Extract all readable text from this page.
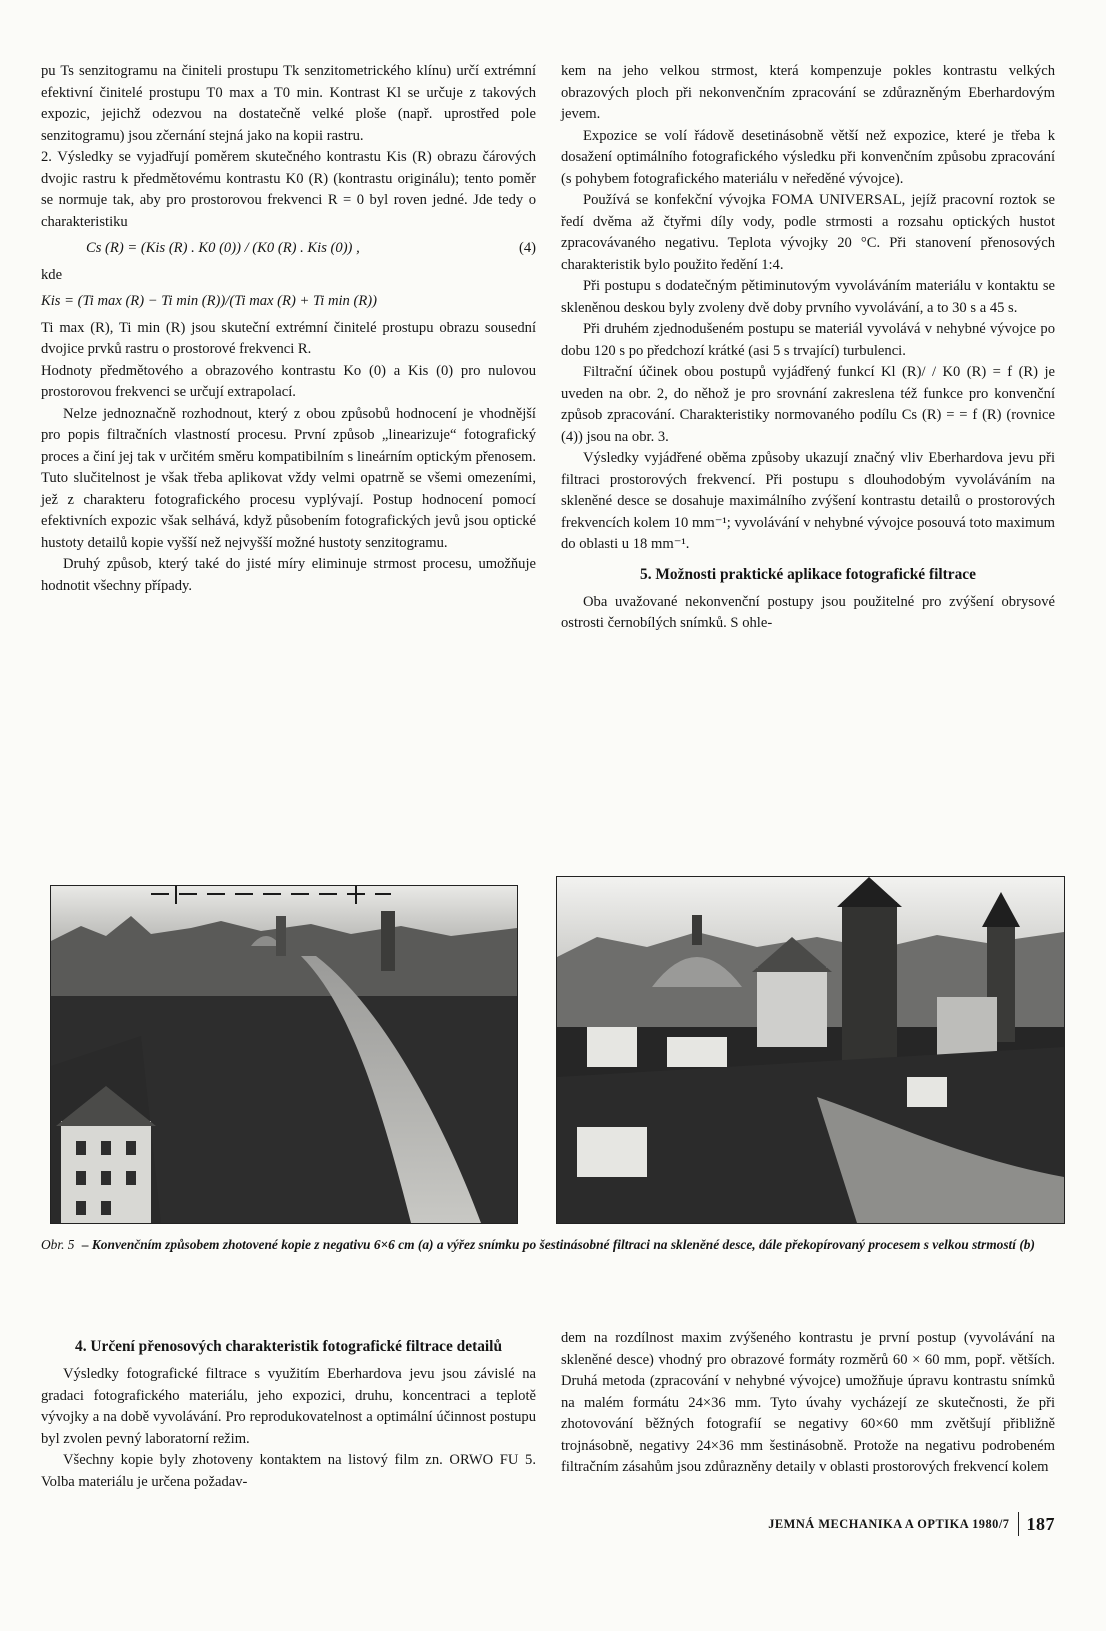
pu Ts senzitogramu na činiteli prostupu Tk senzitometrického klínu) určí extrémní efektivní činitelé prostupu T0 max a T0 min. Kontrast Kl se určuje z takových expozic, jejichž odezvou na dostatečně velké ploše (např. uprostřed pole senzitogramu) jsou zčernání stejná jako na kopii rastru.

2. Výsledky se vyjadřují poměrem skutečného kontrastu Kis (R) obrazu čárových dvojic rastru k předmětovému kontrastu K0 (R) (kontrastu originálu); tento poměr se normuje tak, aby pro prostorovou frekvenci R = 0 byl roven jedné. Jde tedy o charakteristiku

Cs (R) = (Kis (R) . K0 (0)) / (K0 (R) . Kis (0)) ,	(4)

kde

Kis = (Ti max (R) − Ti min (R))/(Ti max (R) + Ti min (R))

Ti max (R), Ti min (R) jsou skuteční extrémní činitelé prostupu obrazu sousední dvojice prvků rastru o prostorové frekvenci R.

Hodnoty předmětového a obrazového kontrastu Ko (0) a Kis (0) pro nulovou prostorovou frekvenci se určují extrapolací.

Nelze jednoznačně rozhodnout, který z obou způsobů hodnocení je vhodnější pro popis filtračních vlastností procesu. První způsob „linearizuje“ fotografický proces a činí jej tak v určitém směru kompatibilním s lineárním optickým přenosem. Tuto slučitelnost je však třeba aplikovat vždy velmi opatrně se všemi omezeními, jež z charakteru fotografického procesu vyplývají. Postup hodnocení pomocí efektivních expozic však selhává, když působením fotografických jevů jsou optické hustoty detailů kopie vyšší než nejvyšší možné hustoty senzitogramu.

Druhý způsob, který také do jisté míry eliminuje strmost procesu, umožňuje hodnotit všechny případy.

kem na jeho velkou strmost, která kompenzuje pokles kontrastu velkých obrazových ploch při nekonvenčním zpracování se zdůrazněným Eberhardovým jevem.

Expozice se volí řádově desetinásobně větší než expozice, které je třeba k dosažení optimálního fotografického výsledku při konvenčním způsobu zpracování (s pohybem fotografického materiálu v neředěné vývojce).

Používá se konfekční vývojka FOMA UNIVERSAL, jejíž pracovní roztok se ředí dvěma až čtyřmi díly vody, podle strmosti a rozsahu optických hustot zpracovávaného negativu. Teplota vývojky 20 °C. Při stanovení přenosových charakteristik bylo použito ředění 1:4.

Při postupu s dodatečným pětiminutovým vyvoláváním materiálu v kontaktu se skleněnou deskou byly zvoleny dvě doby prvního vyvolávání, a to 30 s a 45 s.

Při druhém zjednodušeném postupu se materiál vyvolává v nehybné vývojce po dobu 120 s po předchozí krátké (asi 5 s trvající) turbulenci.

Filtrační účinek obou postupů vyjádřený funkcí Kl (R)/ / K0 (R) = f (R) je uveden na obr. 2, do něhož je pro srovnání zakreslena též funkce pro konvenční způsob zpracování. Charakteristiky normovaného podílu Cs (R) = = f (R) (rovnice (4)) jsou na obr. 3.

Výsledky vyjádřené oběma způsoby ukazují značný vliv Eberhardova jevu při filtraci prostorových frekvencí. Při postupu s dlouhodobým vyvoláváním na skleněné desce se dosahuje maximálního zvýšení kontrastu detailů o prostorových frekvencích kolem 10 mm⁻¹; vyvolávání v nehybné vývojce posouvá toto maximum do oblasti u 18 mm⁻¹.

5. Možnosti praktické aplikace fotografické filtrace

Oba uvažované nekonvenční postupy jsou použitelné pro zvýšení obrysové ostrosti černobílých snímků. S ohle-

Obr. 5 – Konvenčním způsobem zhotovené kopie z negativu 6×6 cm (a) a výřez snímku po šestinásobné filtraci na skleněné desce, dále překopírovaný procesem s velkou strmostí (b)
4. Určení přenosových charakteristik fotografické filtrace detailů

Výsledky fotografické filtrace s využitím Eberhardova jevu jsou závislé na gradaci fotografického materiálu, jeho expozici, druhu, koncentraci a teplotě vývojky a na době vyvolávání. Pro reprodukovatelnost a optimální účinnost postupu byl zvolen pevný laboratorní režim.

Všechny kopie byly zhotoveny kontaktem na listový film zn. ORWO FU 5. Volba materiálu je určena požadav-

dem na rozdílnost maxim zvýšeného kontrastu je první postup (vyvolávání na skleněné desce) vhodný pro obrazové formáty rozměrů 60 × 60 mm, popř. větších. Druhá metoda (zpracování v nehybné vývojce) umožňuje úpravu kontrastu snímků na malém formátu 24×36 mm. Tyto úvahy vycházejí ze skutečnosti, že při zhotovování běžných fotografií se negativy 60×60 mm zvětšují přibližně trojnásobně, negativy 24×36 mm šestinásobně. Protože na negativu podrobeném filtračním zásahům jsou zdůrazněny detaily v oblasti prostorových frekvencí kolem

JEMNÁ MECHANIKA A OPTIKA 1980/7 187
